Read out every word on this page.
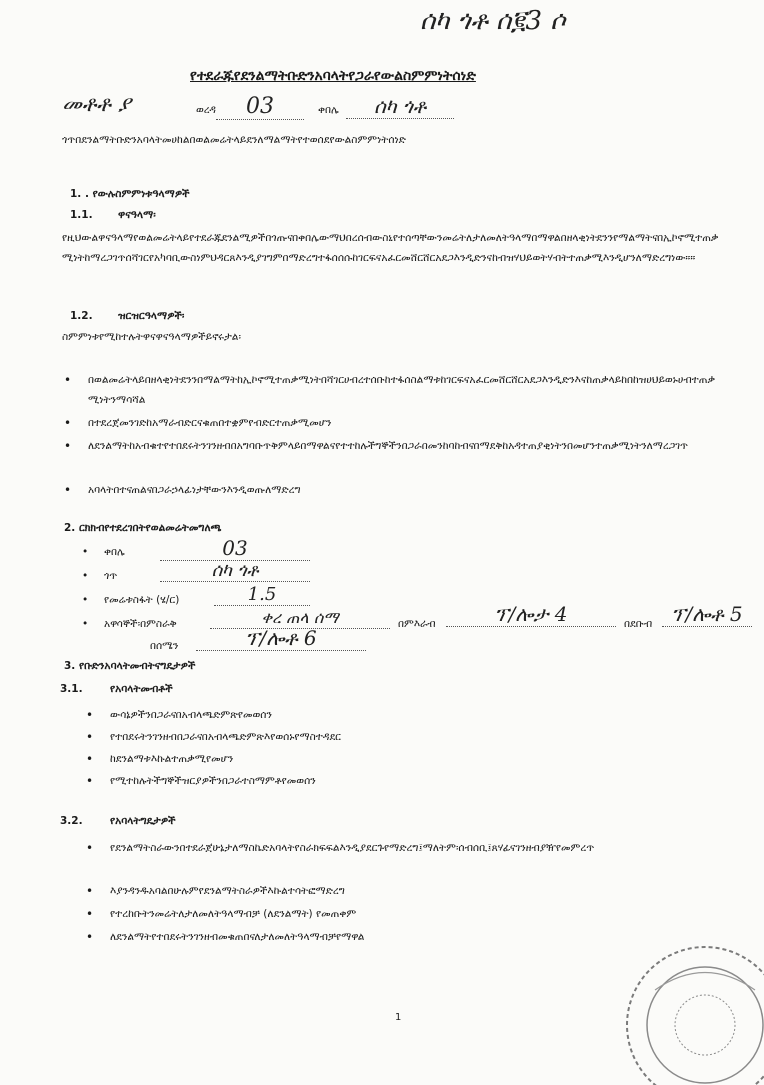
ሰካ ጎቶ ሰ፪3 ሶ
የተደራጁየደንልማትቡድንአባላትየጋራየውልስምምነትሰነድ
መቶቶ ያ	ወረዳ	03	ቀበሌ	ሰካ ጎቶ
ጎጥበደንልማትቡድንአባላትመሀከልበወልመሬትላይደንለማልማትየተወሰደየውልስምምነትሰነድ
1. . የውሉስምምነቱዓላማዎች
1.1. ዋናዓላማ፡
የዚህውልዋናዓላማየወልመሬትላይየተደራጁደንልሚዎችበጎጡናበቀበሌውማህበረሰብውስኒየተሰጣቸውንመሬትለታለመለትዓላማበማዋልበዘላቂነትደንንየማልማትናበኢኮኖሚተጠቃሚነትከማረጋገጥሰሻገርየአካባቢውስነምህዳርጸእንዲያገግምበማድረግተፋሰሰሱከገርፍናአፈርመሸርሸርአደጋእንዲድንናከብዝሃህይወትሃብትተጠቃሚእንዲሆንለማድረግነው።።
1.2. ዝርዝርዓላማዎች፡
ስምምነቱየሚከተሉትዋናዋናዓላማዎችይኖሩታል፡
• በወልመሬትላይበዘላቂነትደንንበማልማትከኢኮኖሚተጠቃሚነትበሻገርሀብረተሰቡከተፋሰስልማቱከገርፍናአፈርመሸርሸርአደጋእንዲድንእናከጠቃላይከበከዝሀህይወኑሀብተጠቃሚነትንማሳሻል
• በተደረጀመንገድከአማራብድርናቁጠበተቋምየብድርተጠቃሚመሆን
• ለደንልማትከአብቁተየተበደሩትንገንዘብበአግባቡጥቅምላይበማዋልናየተተከሉችግኞችንበጋራበመንከባከብናበማደቅከአዳተጠያቂነትንበመሆንተጠቃሚነትንለማረጋገጥ
• አባላትበተናጠልናበጋራኃላፊነታቸውንእንዲወጡለማድረግ
2. ርክክብየተደረገበትየወልመሬትመግለጫ
• ቀበሌ	03
• ጎጥ	ሰካ ጎቶ
• የመሬቱስፋት (ሄ/ር)	1.5
• አዋሳኞች፡በምስራቅ	ቀረ ጠላ ሰማ	በምእራብ	ፕ/ሎታ 4	በደቡብ ፕ/ሎቶ 5
በሰሜን	ፕ/ሎቶ 6
3. የቡድንአባላትመብትናግዴታዎች
3.1.	የአባላትመብቶች
• ውሳኔዎችንበጋራናበአብላጫድምጽየመወሰን
• የተበደሩትንገንዘብበጋራናበአብላጫድምጽእየወሰኑየማስተዳደር
• ከደንልማቱእኩልተጠቃሚየመሆን
• የሚተከሉትችግኞችዝርያዎችንበጋራተስማምቶየመወሰን
3.2.	የአባላትግዴታዎች
• የደንልማትስራውንበተደራጀሁኔታለማስኬድአባላትየስራክፍፍልእንዲያደርጉየማድረግ፤ማለትም፡ሰብሰቢ፤ጸሃፊናገንዘብያዥየመምረጥ
• እያንዳንዱአባልበሁሉምየደንልማትስራዎችእኩልተሳትፎማድረግ
• የተረከቡትንመሬትለታለመለትዓላማብቻ (ለደንልማት) የመጠቀም
• ለደንልማትየተበደሩትንገንዘብመቁጠበናለታለመለትዓላማብቻየማዋል
1
